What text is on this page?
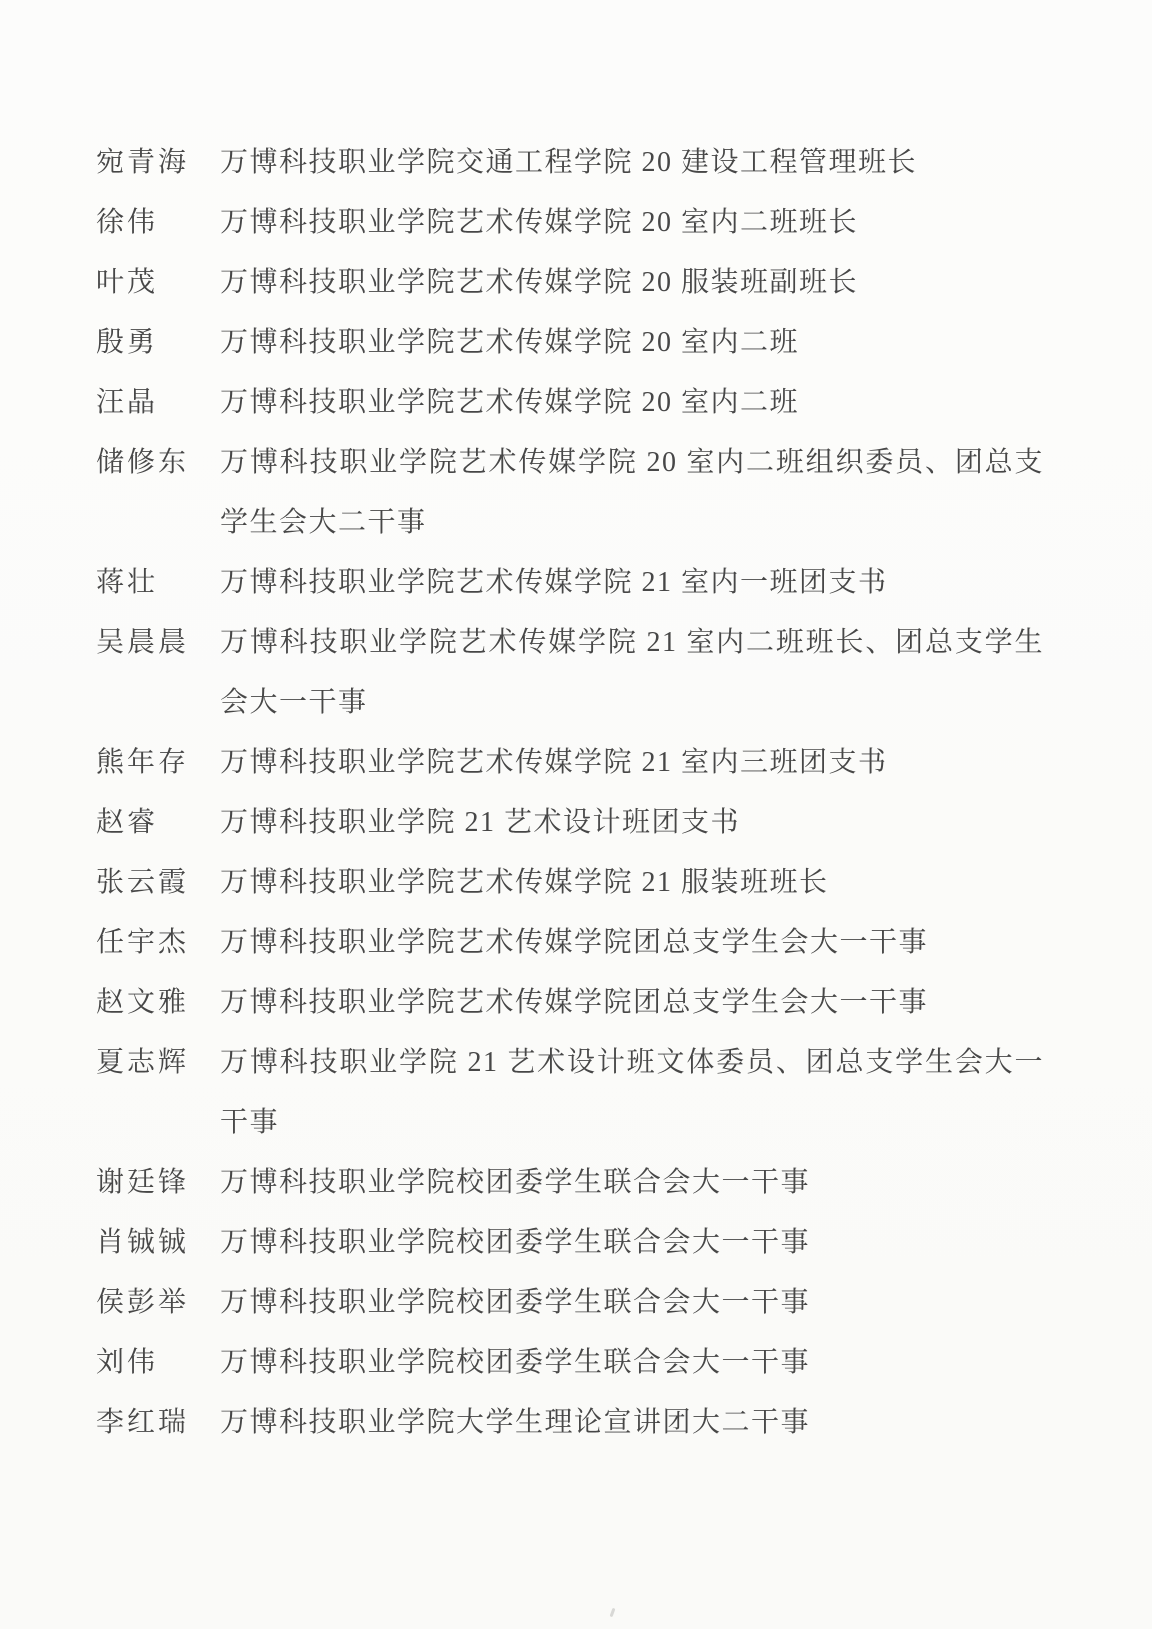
宛青海	万博科技职业学院交通工程学院 20 建设工程管理班长
徐伟	万博科技职业学院艺术传媒学院 20 室内二班班长
叶茂	万博科技职业学院艺术传媒学院 20 服装班副班长
殷勇	万博科技职业学院艺术传媒学院 20 室内二班
汪晶	万博科技职业学院艺术传媒学院 20 室内二班
储修东	万博科技职业学院艺术传媒学院 20 室内二班组织委员、团总支
学生会大二干事
蒋壮	万博科技职业学院艺术传媒学院 21 室内一班团支书
吴晨晨	万博科技职业学院艺术传媒学院 21 室内二班班长、团总支学生
会大一干事
熊年存	万博科技职业学院艺术传媒学院 21 室内三班团支书
赵睿	万博科技职业学院 21 艺术设计班团支书
张云霞	万博科技职业学院艺术传媒学院 21 服装班班长
任宇杰	万博科技职业学院艺术传媒学院团总支学生会大一干事
赵文雅	万博科技职业学院艺术传媒学院团总支学生会大一干事
夏志辉	万博科技职业学院 21 艺术设计班文体委员、团总支学生会大一
干事
谢廷锋	万博科技职业学院校团委学生联合会大一干事
肖铖铖	万博科技职业学院校团委学生联合会大一干事
侯彭举	万博科技职业学院校团委学生联合会大一干事
刘伟	万博科技职业学院校团委学生联合会大一干事
李红瑞	万博科技职业学院大学生理论宣讲团大二干事
